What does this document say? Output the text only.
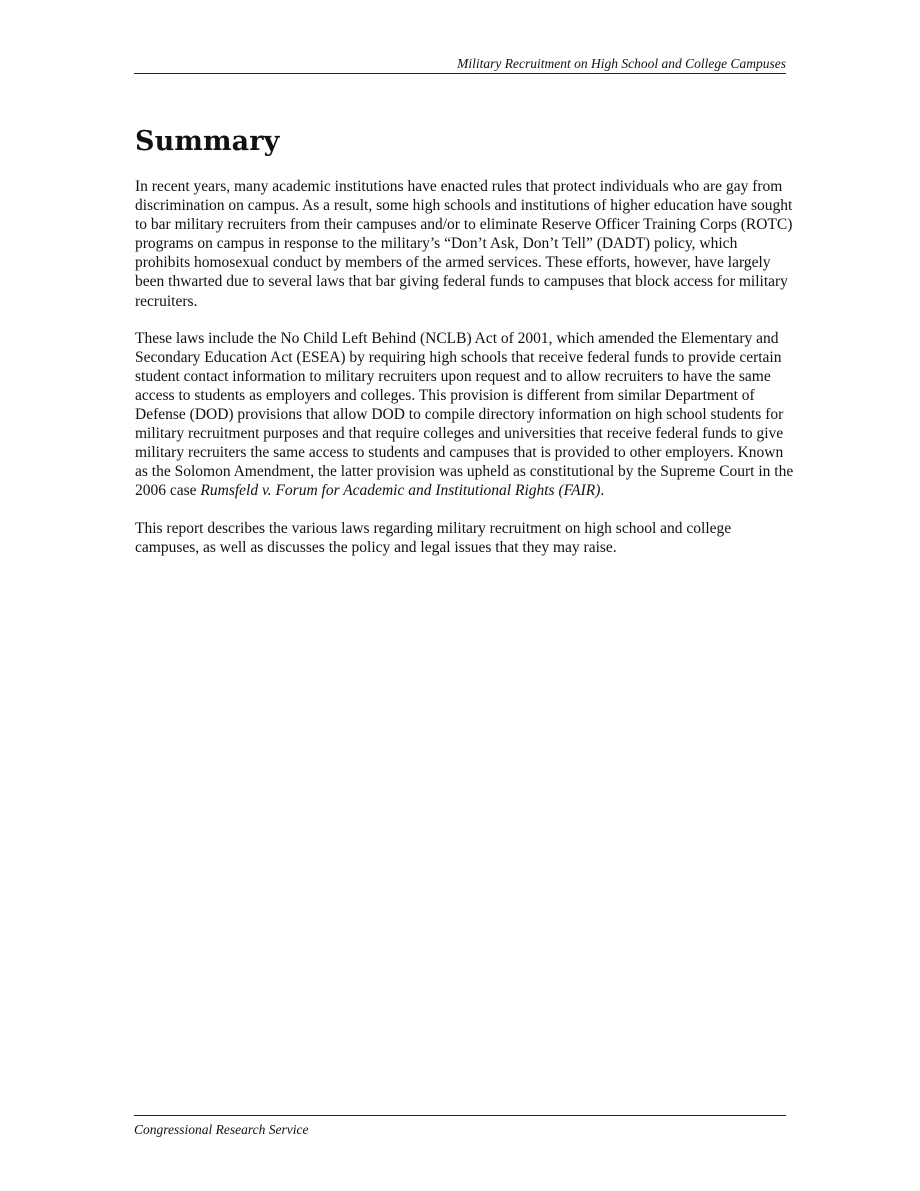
Military Recruitment on High School and College Campuses
Summary

In recent years, many academic institutions have enacted rules that protect individuals who are gay from discrimination on campus. As a result, some high schools and institutions of higher education have sought to bar military recruiters from their campuses and/or to eliminate Reserve Officer Training Corps (ROTC) programs on campus in response to the military’s “Don’t Ask, Don’t Tell” (DADT) policy, which prohibits homosexual conduct by members of the armed services. These efforts, however, have largely been thwarted due to several laws that bar giving federal funds to campuses that block access for military recruiters.

These laws include the No Child Left Behind (NCLB) Act of 2001, which amended the Elementary and Secondary Education Act (ESEA) by requiring high schools that receive federal funds to provide certain student contact information to military recruiters upon request and to allow recruiters to have the same access to students as employers and colleges. This provision is different from similar Department of Defense (DOD) provisions that allow DOD to compile directory information on high school students for military recruitment purposes and that require colleges and universities that receive federal funds to give military recruiters the same access to students and campuses that is provided to other employers. Known as the Solomon Amendment, the latter provision was upheld as constitutional by the Supreme Court in the 2006 case Rumsfeld v. Forum for Academic and Institutional Rights (FAIR).

This report describes the various laws regarding military recruitment on high school and college campuses, as well as discusses the policy and legal issues that they may raise.

Congressional Research Service
